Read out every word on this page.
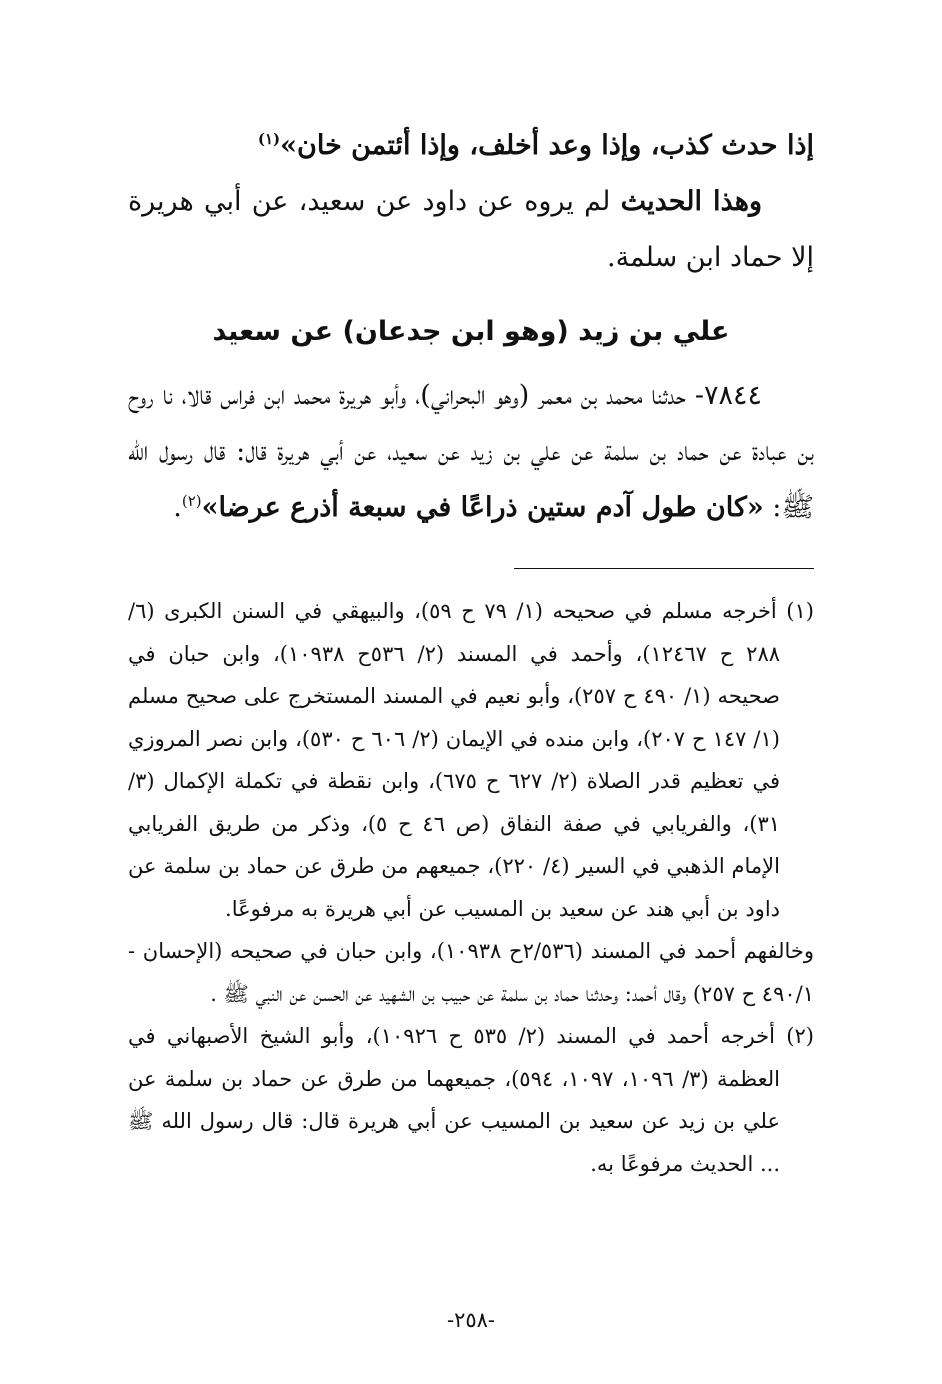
إذا حدث كذب، وإذا وعد أخلف، وإذا أئتمن خان»$^{(١)}$

وهذا الحديث لم يروه عن داود عن سعيد، عن أبي هريرة إلا حماد ابن سلمة.

علي بن زيد (وهو ابن جدعان) عن سعيد

٧٨٤٤- حدثنا محمد بن معمر (وهو البحراني)، وأبو هريرة محمد ابن فراس قالا، نا روح بن عبادة عن حماد بن سلمة عن علي بن زيد عن سعيد، عن أبي هريرة قال: قال رسول الله ﷺ: «كان طول آدم ستين ذراعًا في سبعة أذرع عرضا»$^{(٢)}$.

(١) أخرجه مسلم في صحيحه (١/ ٧٩ ح ٥٩)، والبيهقي في السنن الكبرى (٦/ ٢٨٨ ح ١٢٤٦٧)، وأحمد في المسند (٢/ ٥٣٦ح ١٠٩٣٨)، وابن حبان في صحيحه (١/ ٤٩٠ ح ٢٥٧)، وأبو نعيم في المسند المستخرج على صحيح مسلم (١/ ١٤٧ ح ٢٠٧)، وابن منده في الإيمان (٢/ ٦٠٦ ح ٥٣٠)، وابن نصر المروزي في تعظيم قدر الصلاة (٢/ ٦٢٧ ح ٦٧٥)، وابن نقطة في تكملة الإكمال (٣/ ٣١)، والفريابي في صفة النفاق (ص ٤٦ ح ٥)، وذكر من طريق الفريابي الإمام الذهبي في السير (٤/ ٢٢٠)، جميعهم من طرق عن حماد بن سلمة عن داود بن أبي هند عن سعيد بن المسيب عن أبي هريرة به مرفوعًا.

وخالفهم أحمد في المسند (٢/٥٣٦ح ١٠٩٣٨)، وابن حبان في صحيحه (الإحسان - ٤٩٠/١ ح ٢٥٧) وقال أحمد: وحدثنا حماد بن سلمة عن حبيب بن الشهيد عن الحسن عن النبي ﷺ .

(٢) أخرجه أحمد في المسند (٢/ ٥٣٥ ح ١٠٩٢٦)، وأبو الشيخ الأصبهاني في العظمة (٣/ ١٠٩٦، ١٠٩٧، ٥٩٤)، جميعهما من طرق عن حماد بن سلمة عن علي بن زيد عن سعيد بن المسيب عن أبي هريرة قال: قال رسول الله ﷺ ... الحديث مرفوعًا به.

-٢٥٨-
